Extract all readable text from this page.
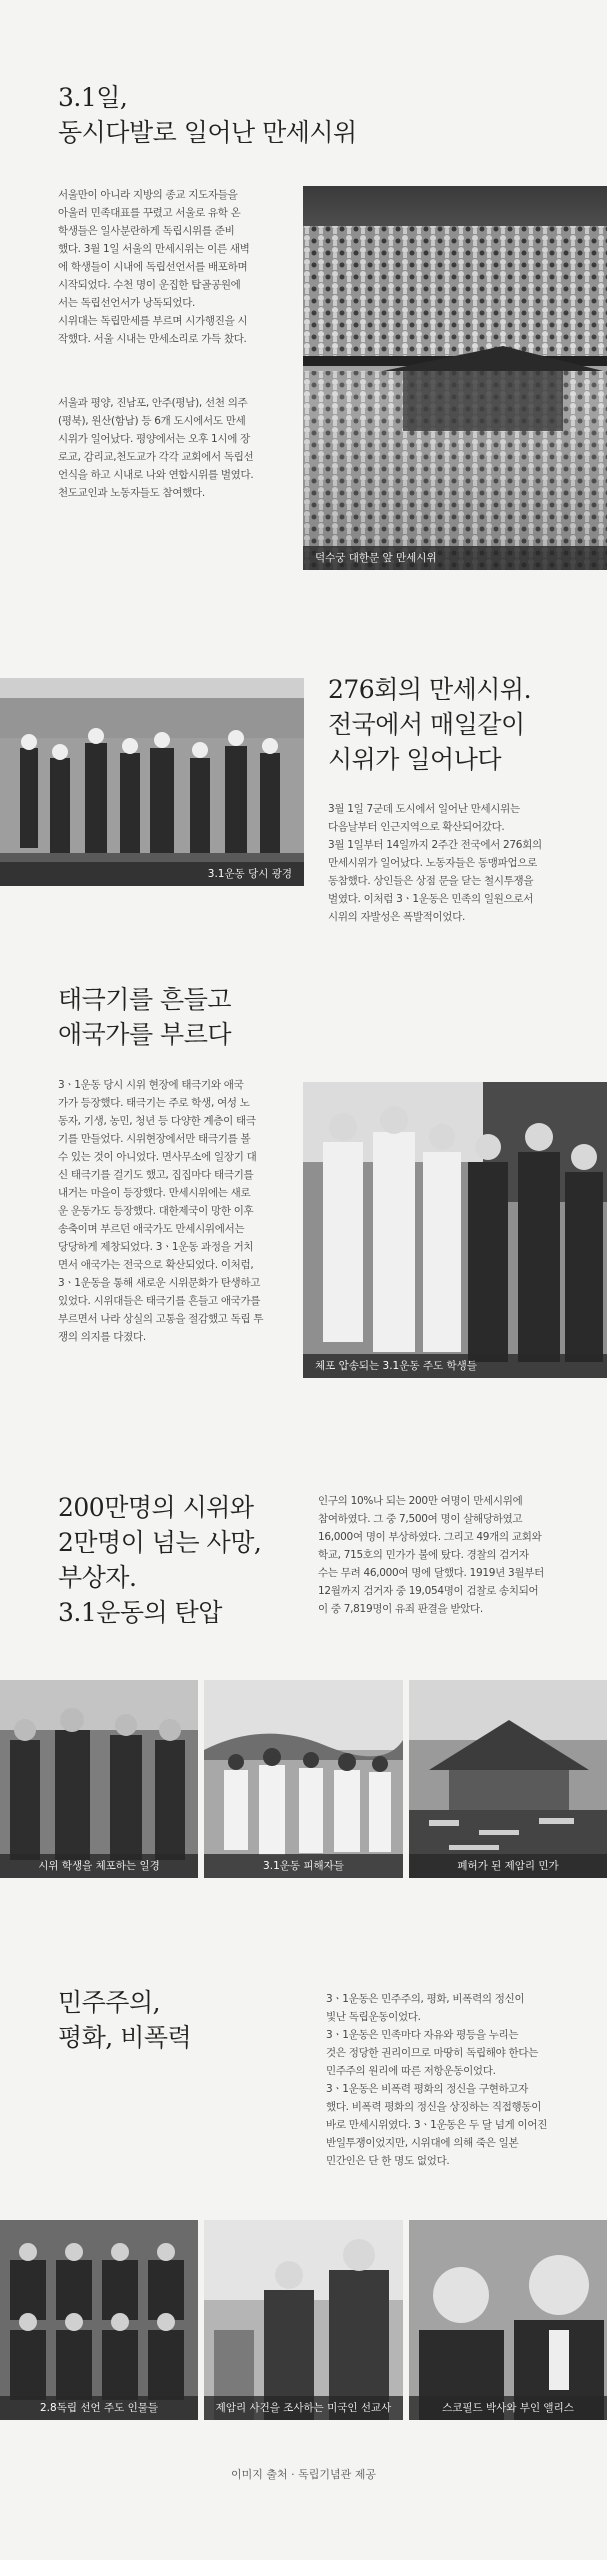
3.1일,
동시다발로 일어난 만세시위

서울만이 아니라 지방의 종교 지도자들을
아울러 민족대표를 꾸렸고 서울로 유학 온
학생들은 일사분란하게 독립시위를 준비
했다. 3월 1일 서울의 만세시위는 이른 새벽
에 학생들이 시내에 독립선언서를 배포하며
시작되었다. 수천 명이 운집한 탑골공원에
서는 독립선언서가 낭독되었다.
시위대는 독립만세를 부르며 시가행진을 시
작했다. 서울 시내는 만세소리로 가득 찼다.

서울과 평양, 진남포, 안주(평남), 선천 의주
(평북), 원산(함남) 등 6개 도시에서도 만세
시위가 일어났다. 평양에서는 오후 1시에 장
로교, 감리교,천도교가 각각 교회에서 독립선
언식을 하고 시내로 나와 연합시위를 벌였다.
천도교인과 노동자들도 참여했다.

덕수궁 대한문 앞 만세시위
3.1운동 당시 광경
276회의 만세시위.
전국에서 매일같이
시위가 일어나다

3월 1일 7군데 도시에서 일어난 만세시위는
다음날부터 인근지역으로 확산되어갔다.
3월 1일부터 14일까지 2주간 전국에서 276회의
만세시위가 일어났다. 노동자들은 동맹파업으로
동참했다. 상인들은 상점 문을 닫는 철시투쟁을
벌였다. 이처럼 3ㆍ1운동은 민족의 일원으로서
시위의 자발성은 폭발적이었다.

태극기를 흔들고
애국가를 부르다

3ㆍ1운동 당시 시위 현장에 태극기와 애국
가가 등장했다. 태극기는 주로 학생, 여성 노
동자, 기생, 농민, 청년 등 다양한 계층이 태극
기를 만들었다. 시위현장에서만 태극기를 볼
수 있는 것이 아니었다. 면사무소에 일장기 대
신 태극기를 걸기도 했고, 집집마다 태극기를
내거는 마을이 등장했다. 만세시위에는 새로
운 운동가도 등장했다. 대한제국이 망한 이후
송축이며 부르던 애국가도 만세시위에서는
당당하게 제창되었다. 3ㆍ1운동 과정을 거치
면서 애국가는 전국으로 확산되었다. 이처럼,
3ㆍ1운동을 통해 새로운 시위문화가 탄생하고
있었다. 시위대들은 태극기를 흔들고 애국가를
부르면서 나라 상실의 고통을 절감했고 독립 투
쟁의 의지를 다졌다.

체포 압송되는 3.1운동 주도 학생들
200만명의 시위와
2만명이 넘는 사망,
부상자.
3.1운동의 탄압

인구의 10%나 되는 200만 여명이 만세시위에
참여하였다. 그 중 7,500여 명이 살해당하였고
16,000여 명이 부상하였다. 그리고 49개의 교회와
학교, 715호의 민가가 불에 탔다. 경찰의 검거자
수는 무려 46,000여 명에 달했다. 1919년 3월부터
12월까지 검거자 중 19,054명이 검찰로 송치되어
이 중 7,819명이 유죄 판결을 받았다.

시위 학생을 체포하는 일경	3.1운동 피해자들	폐허가 된 제암리 민가
민주주의,
평화, 비폭력

3ㆍ1운동은 민주주의, 평화, 비폭력의 정신이
빛난 독립운동이었다.
3ㆍ1운동은 민족마다 자유와 평등을 누리는
것은 정당한 권리이므로 마땅히 독립해야 한다는
민주주의 원리에 따른 저항운동이었다.
3ㆍ1운동은 비폭력 평화의 정신을 구현하고자
했다. 비폭력 평화의 정신을 상징하는 직접행동이
바로 만세시위였다. 3ㆍ1운동은 두 달 넘게 이어진
반일투쟁이었지만, 시위대에 의해 죽은 일본
민간인은 단 한 명도 없었다.

2.8독립 선언 주도 인물들	제암리 사건을 조사하는 미국인 선교사	스코필드 박사와 부인 앨리스
이미지 출처 · 독립기념관 제공
